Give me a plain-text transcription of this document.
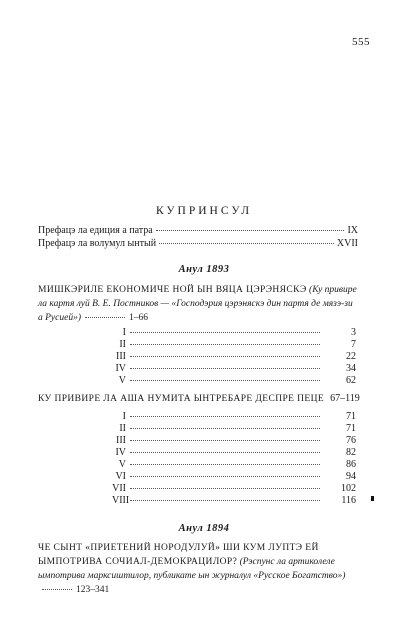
555
КУПРИНСУЛ
Префацэ ла едиция а патра	IX
Префацэ ла волумул ынтый	XVII
Анул 1893
МИШКЭРИЛЕ ЕКОНОМИЧЕ НОЙ ЫН ВЯЦА ЦЭРЭНЯСКЭ (Ку привире ла картя луй В. Е. Постников — «Господэрия цэрэняскэ дин партя де мязэ-зи а Русией»)	1–66
I	3
II	7
III	22
IV	34
V	62
КУ ПРИВИРЕ ЛА АША НУМИТА ЫНТРЕБАРЕ ДЕСПРЕ ПЕЦЕ 67–119
I	71
II	71
III	76
IV	82
V	86
VI	94
VII	102
VIII	116
Анул 1894
ЧЕ СЫНТ «ПРИЕТЕНИЙ НОРОДУЛУЙ» ШИ КУМ ЛУПТЭ ЕЙ ЫМПОТРИВА СОЧИАЛ-ДЕМОКРАЦИЛОР? (Рэспунс ла артиколеле ымпотрива марксиштилор, публикате ын журналул «Русское Богатство»)123–341
